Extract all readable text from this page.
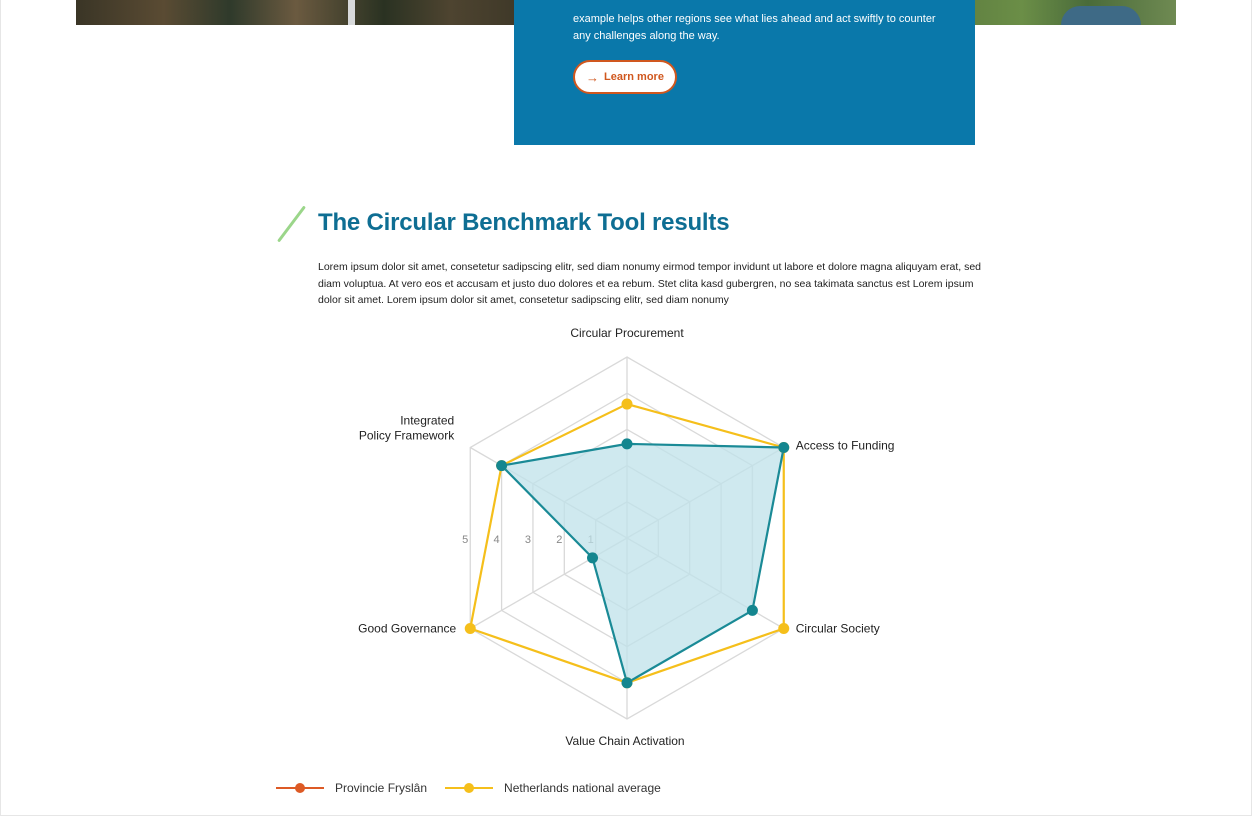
example helps other regions see what lies ahead and act swiftly to counter any challenges along the way.

→ Learn more
The Circular Benchmark Tool results

Lorem ipsum dolor sit amet, consetetur sadipscing elitr, sed diam nonumy eirmod tempor invidunt ut labore et dolore magna aliquyam erat, sed diam voluptua. At vero eos et accusam et justo duo dolores et ea rebum. Stet clita kasd gubergren, no sea takimata sanctus est Lorem ipsum dolor sit amet. Lorem ipsum dolor sit amet, consetetur sadipscing elitr, sed diam nonumy

2
3
4
5
Circular Procurement
Access to Funding
Circular Society
Value Chain Activation
Good Governance
Integrated
Policy Framework
Provincie Fryslân	Netherlands national average
